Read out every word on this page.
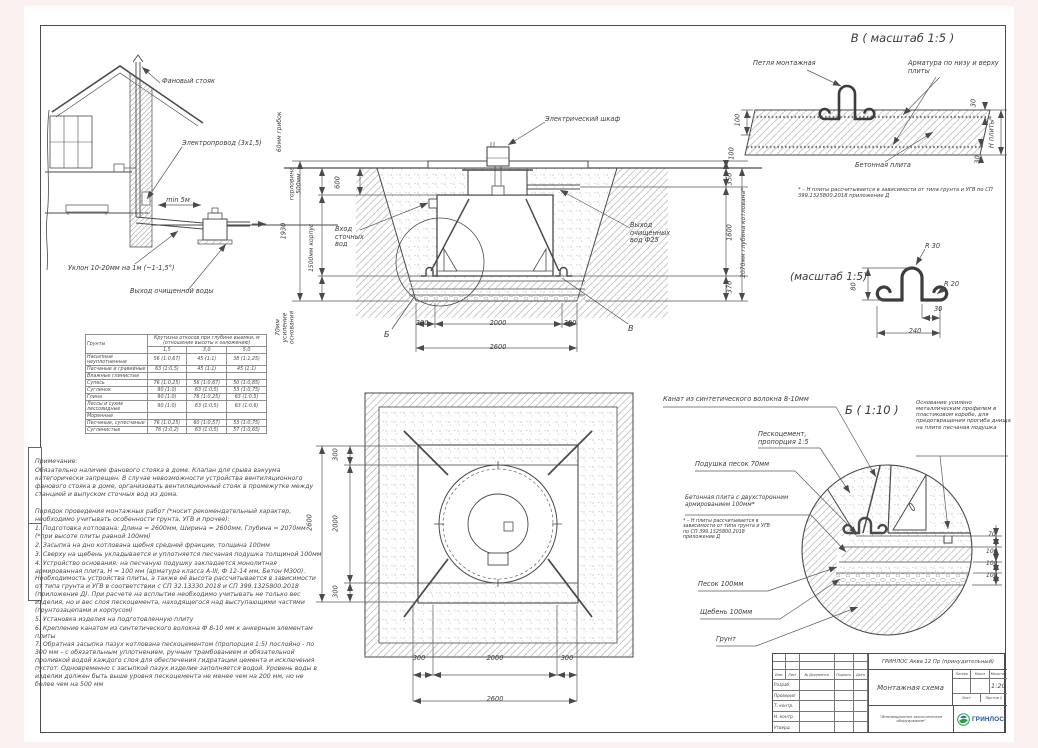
Фановый стояк
Электропровод (3x1,5)
min 5м
Уклон 10-20мм на 1м (~1-1,5°)
Выход очищенной воды
Электрический шкаф
Вход сточных вод
Выход очищенных вод Ф25
Б
В
60мм грибок
1930
горловина 500мм
1500мм корпус
70мм усиление основания
600
100
350
1600
370
2070мм глубина котлована*
300	2000	300
2600
В ( масштаб 1:5 )
Петля монтажная	Арматура по низу и верху плиты
Бетонная плита
* – Н плиты рассчитывается в зависимости от типа грунта и УГВ по СП 399.1325800.2018 приложение Д
100
30
30
Н плиты*
(масштаб 1:5)
R 30
R 20
240
30
80
300
2000
300
2600
300	2000	300
2600
Б ( 1:10 )
Канат из синтетического волокна 8-10мм	Основание усилено металлическим профилем в пластиковом коробе, для предотвращения прогиба днища на плите песчаная подушка
Пескоцемент, пропорция 1:5
Подушка песок 70мм
Бетонная плита с двухсторонним армированием 100мм*
* – Н плиты рассчитывается в зависимости от типа грунта и УГВ по СП 399.1325800.2018 приложение Д
Песок 100мм
Щебень 100мм
Грунт
70
100
100
100
Грунты	Крутизна откосов при глубине выемки, м (отношение высоты к заложению)		
	1,5	3,0	5,0
Насыпные неуплотненные	56 (1:0,67)	45 (1:1)	38 (1:1,25)
Песчаные и гравийные	63 (1:0,5)	45 (1:1)	45 (1:1)
Влажные глинистые			
Супесь	76 (1:0,25)	56 (1:0,67)	50 (1:0,85)
Суглинок	90 (1:0)	63 (1:0,5)	53 (1:0,75)
Глина	90 (1:0)	76 (1:0,25)	63 (1:0,5)
Лессы и сухие лессовидные	90 (1:0)	63 (1:0,5)	63 (1:0,6)
Моренные			
Песчаные, супесчаные	76 (1:0,25)	60 (1:0,57)	53 (1:0,75)
Суглинистые	76 (1:0,2)	63 (1:0,5)	57 (1:0,65)
Примечание:
Обязательно наличие фанового стояка в доме. Клапан для срыва вакуума категорически запрещен. В случае невозможности устройства вентиляционного фанового стояка в доме, организовать вентиляционный стояк в промежутке между станцией и выпуском сточных вод из дома.
Порядок проведения монтажных работ (*носит рекомендательный характер, необходимо учитывать особенности грунта, УГВ и прочее):
1. Подготовка котлована: Длина = 2600мм, Ширина = 2600мм, Глубина = 2070мм (*при высоте плиты равной 100мм)
2. Засыпка на дно котлована щебня средней фракции, толщина 100мм
3. Сверху на щебень укладывается и уплотняется песчаная подушка толщиной 100мм
4. Устройство основания: на песчаную подушку закладается монолитная армированная плита, Н = 100 мм (арматура класса А-III, Ф 12-14 мм, Бетон М300). Необходимость устройства плиты, а также её высота рассчитывается в зависимости от типа грунта и УГВ в соответствии с СП 32.13330.2018 и СП 399.1325800.2018 (приложение Д). При расчете на всплытие необходимо учитывать не только вес изделия, но и вес слоя пескоцемента, находящегося над выступающими частями (грунтозацепами и корпусом)
5. Установка изделия на подготовленную плиту
6. Крепление канатом из синтетического волокна Ф 8-10 мм к анкерным элементам плиты
7. Обратная засыпка пазух котлована пескоцементом (пропорция 1:5) послойно - по 300 мм – с обязательным уплотнением, ручным трамбованием и обязательной проливкой водой каждого слоя для обеспечения гидратации цемента и исключения пустот. Одновременно с засыпкой пазух изделие заполняется водой. Уровень воды в изделии должен быть выше уровня пескоцемента не менее чем на 200 мм, но не более чем на 500 мм
Изм.	Лист	№ Документа	Подпись	Дата
Разраб.
Проверил
Т. контр.
Н. контр.
Утверд.
ГРИНЛОС Аква 12 Пр (принудительный)
Монтажная схема
Литера	Масса	Масштаб
1:20
Лист	Листов 1
"Инновационное экологическое оборудование"	ГРИНЛОС
